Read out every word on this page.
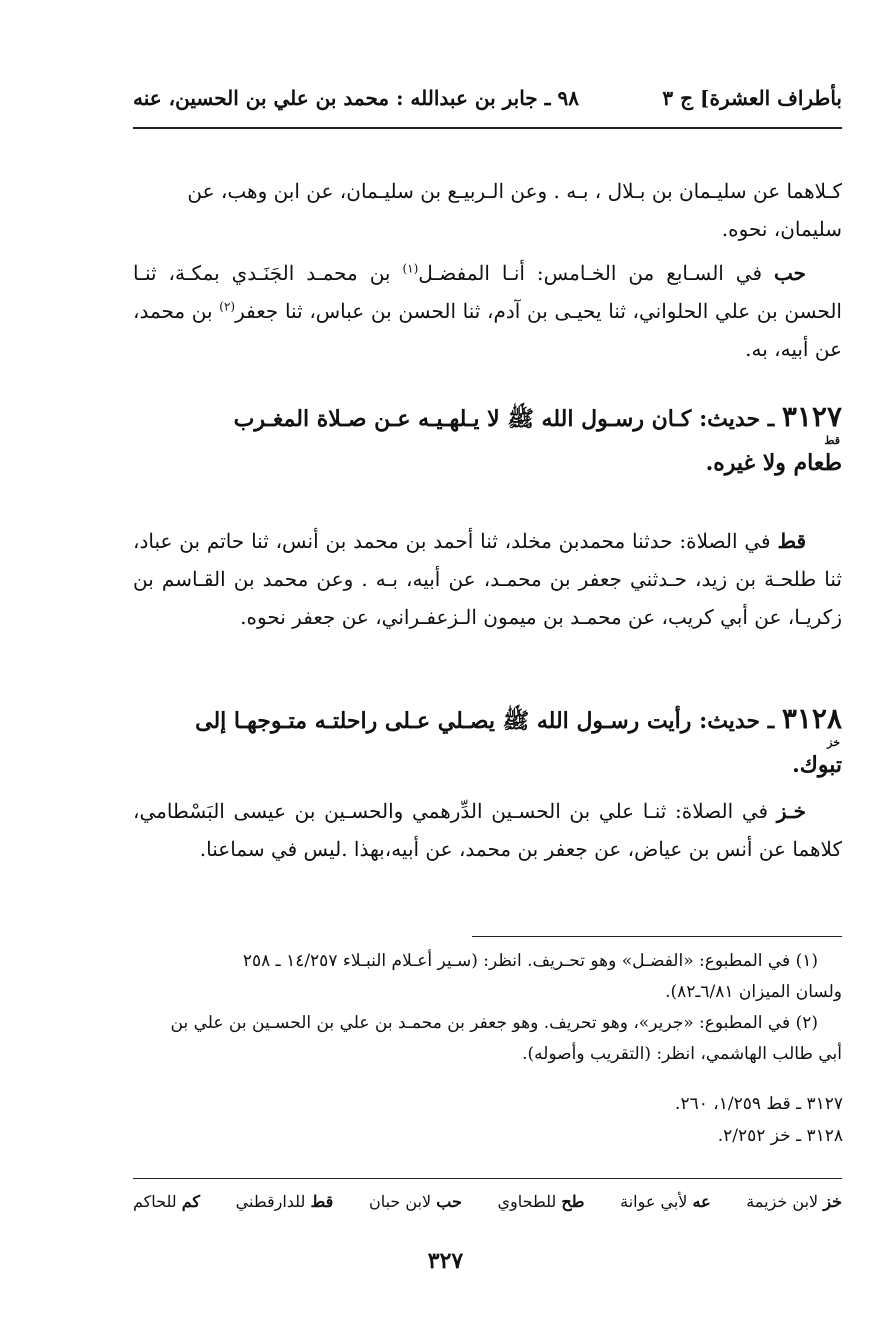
بأطراف العشرة] ج ٣
٩٨ ـ جابر بن عبدالله : محمد بن علي بن الحسين، عنه
كـلاهما عن سليـمان بن بـلال ، بـه . وعن الـربيـع بن سليـمان، عن ابن وهب، عن
سليمان، نحوه.
حب في السـابع من الخـامس: أنـا المفضـل$^{(١)}$ بن محمـد الجَنَـدي بمكـة، ثنـا الحسن بن علي الحلواني، ثنا يحيـى بن آدم، ثنا الحسن بن عباس، ثنا جعفر$^{(٢)}$ بن محمد، عن أبيه، به.
٣١٢٧ ـ حديث: كـان رسـول الله ﷺ لا يـلهـيـه عـن صـلاة المغـرب
قط
طعام ولا غيره.
قط في الصلاة: حدثنا محمدبن مخلد، ثنا أحمد بن محمد بن أنس، ثنا حاتم بن عباد، ثنا طلحـة بن زيد، حـدثني جعفر بن محمـد، عن أبيه، بـه . وعن محمد بن القـاسم بن زكريـا، عن أبي كريب، عن محمـد بن ميمون الـزعفـراني، عن جعفر نحوه.
٣١٢٨ ـ حديث: رأيت رسـول الله ﷺ يصـلي عـلى راحلتـه متـوجهـا إلى
خز
تبوك.
خـز في الصلاة: ثنـا علي بن الحسـين الدِّرهمي والحسـين بن عيسى البَسْطامي، كلاهما عن أنس بن عياض، عن جعفر بن محمد، عن أبيه،بهذا .ليس في سماعنا.
(١) في المطبوع: «الفضـل» وهو تحـريف. انظر: (سـير أعـلام النبـلاء ١٤/٢٥٧ ـ ٢٥٨
ولسان الميزان ٦/٨١ـ٨٢).
(٢) في المطبوع: «جرير»، وهو تحريف. وهو جعفر بن محمـد بن علي بن الحسـين بن علي بن
أبي طالب الهاشمي، انظر: (التقريب وأصوله).
٣١٢٧ ـ قط ١/٢٥٩، ٢٦٠.
٣١٢٨ ـ خز ٢/٢٥٢.
خز لابن خزيمة
عه لأبي عوانة
طح للطحاوي
حب لابن حبان
قط للدارقطني
كم للحاكم
٣٢٧
